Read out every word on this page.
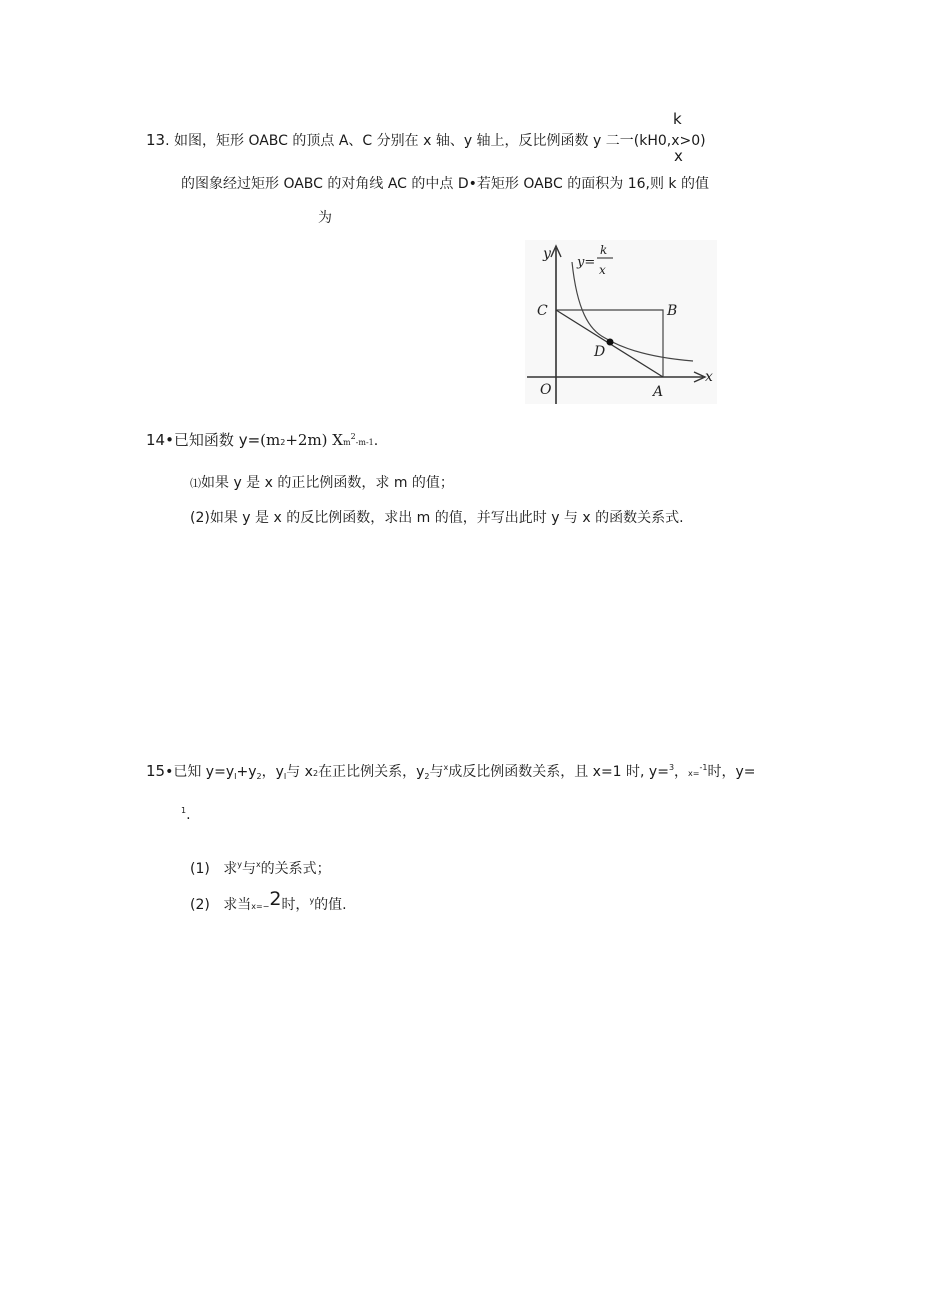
k
13. 如图，矩形 OABC 的顶点 A、C 分别在 x 轴、y 轴上，反比例函数 y 二一(kH0,x>0)
x
的图象经过矩形 OABC 的对角线 AC 的中点 D•若矩形 OABC 的面积为 16,则 k 的值
为
y
y=
k
x
C	B
D
O	A
x
14•已知函数 y=(m2+2m) Xm$^2$-m-1.
⑴如果 y 是 x 的正比例函数，求 m 的值；
(2)如果 y 是 x 的反比例函数，求出 m 的值，并写出此时 y 与 x 的函数关系式.
15•已知 $y=y_I+y_2$，$y_I$与 x2在正比例关系，$y_2$与$^x$成反比例函数关系，且 x=1 时, y=$^3$，x=$^{-1}$时，y=
$^1$.
(1) 求$^y$与$^x$的关系式；
(2) 求当x=−2时，$^y$的值.
